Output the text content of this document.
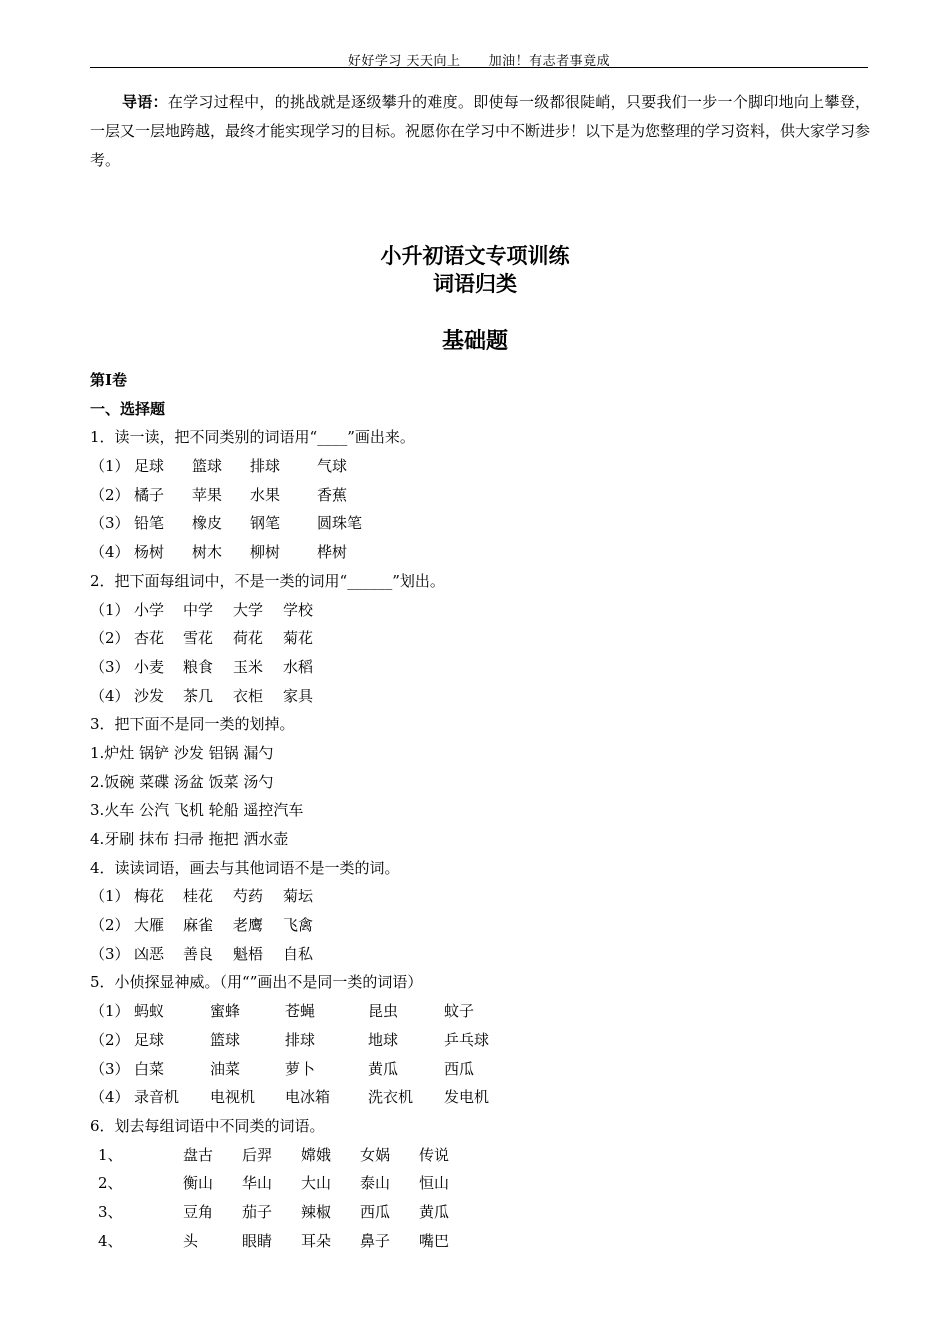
好好学习 天天向上 加油！有志者事竟成
导语：在学习过程中，的挑战就是逐级攀升的难度。即使每一级都很陡峭，只要我们一步一个脚印地向上攀登，一层又一层地跨越，最终才能实现学习的目标。祝愿你在学习中不断进步！以下是为您整理的学习资料，供大家学习参考。
小升初语文专项训练
词语归类
基础题
第Ⅰ卷
一、选择题
1．读一读，把不同类别的词语用“____”画出来。
（1） 足球 篮球 排球 气球
（2） 橘子 苹果 水果 香蕉
（3） 铅笔 橡皮 钢笔 圆珠笔
（4） 杨树 树木 柳树 桦树
2．把下面每组词中，不是一类的词用“______”划出。
（1） 小学 中学 大学 学校
（2） 杏花 雪花 荷花 菊花
（3） 小麦 粮食 玉米 水稻
（4） 沙发 茶几 衣柜 家具
3．把下面不是同一类的划掉。
1.炉灶 锅铲 沙发 铝锅 漏勺
2.饭碗 菜碟 汤盆 饭菜 汤勺
3.火车 公汽 飞机 轮船 遥控汽车
4.牙刷 抹布 扫帚 拖把 洒水壶
4．读读词语，画去与其他词语不是一类的词。
（1） 梅花 桂花 芍药 菊坛
（2） 大雁 麻雀 老鹰 飞禽
（3） 凶恶 善良 魁梧 自私
5．小侦探显神威。（用“”画出不是同一类的词语）
（1） 蚂蚁	蜜蜂	苍蝇	昆虫	蚊子
（2） 足球	篮球	排球	地球	乒乓球
（3） 白菜	油菜	萝卜	黄瓜	西瓜
（4） 录音机 电视机 电冰箱	洗衣机 发电机
6．划去每组词语中不同类的词语。
1、	盘古 后羿 嫦娥 女娲 传说
2、	衡山 华山 大山 泰山 恒山
3、	豆角 茄子 辣椒 西瓜 黄瓜
4、	头	眼睛 耳朵 鼻子 嘴巴
